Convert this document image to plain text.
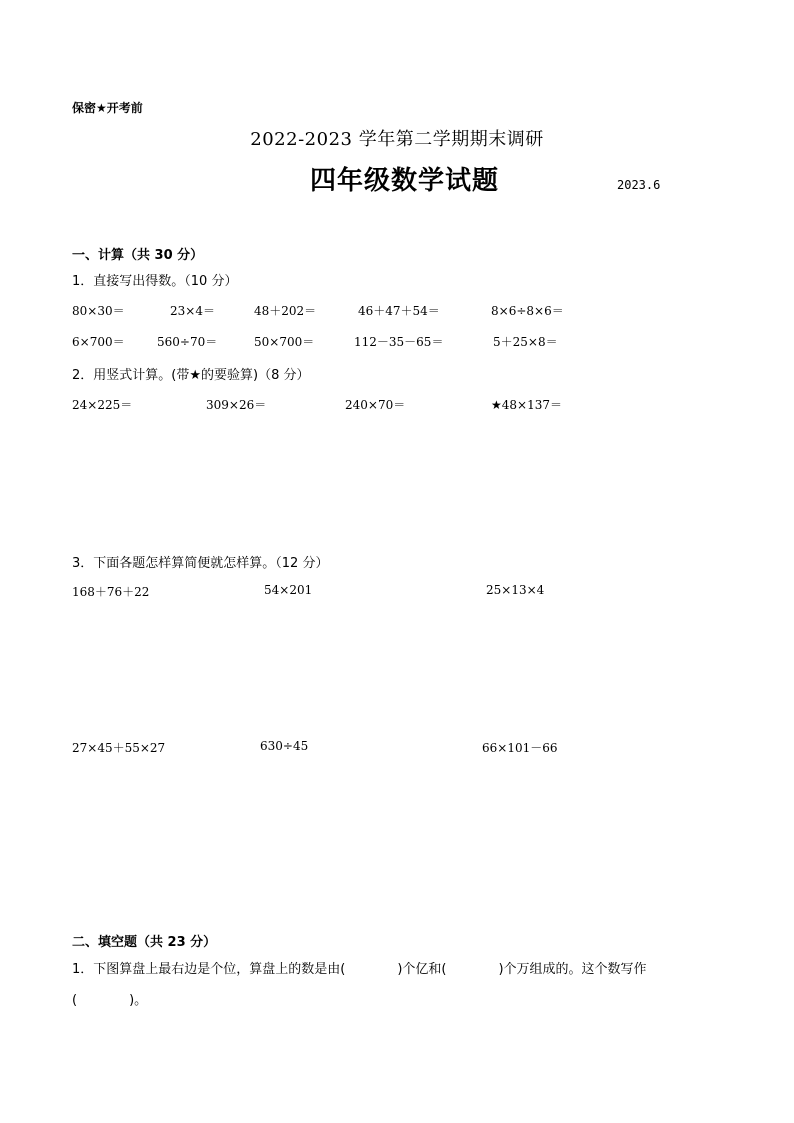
保密★开考前
2022-2023 学年第二学期期末调研
四年级数学试题	2023.6
一、计算（共 30 分）
1．直接写出得数。（10 分）
80×30＝	23×4＝	48＋202＝	46＋47＋54＝	8×6÷8×6＝
6×700＝	560÷70＝	50×700＝	112－35－65＝	5＋25×8＝
2．用竖式计算。(带★的要验算)（8 分）
24×225＝	309×26＝	240×70＝	★48×137＝
3．下面各题怎样算简便就怎样算。（12 分）
168＋76＋22	54×201	25×13×4
27×45＋55×27	630÷45	66×101－66
二、填空题（共 23 分）
1．下图算盘上最右边是个位，算盘上的数是由(　　　　)个亿和(　　　　)个万组成的。这个数写作
(　　　　)。
